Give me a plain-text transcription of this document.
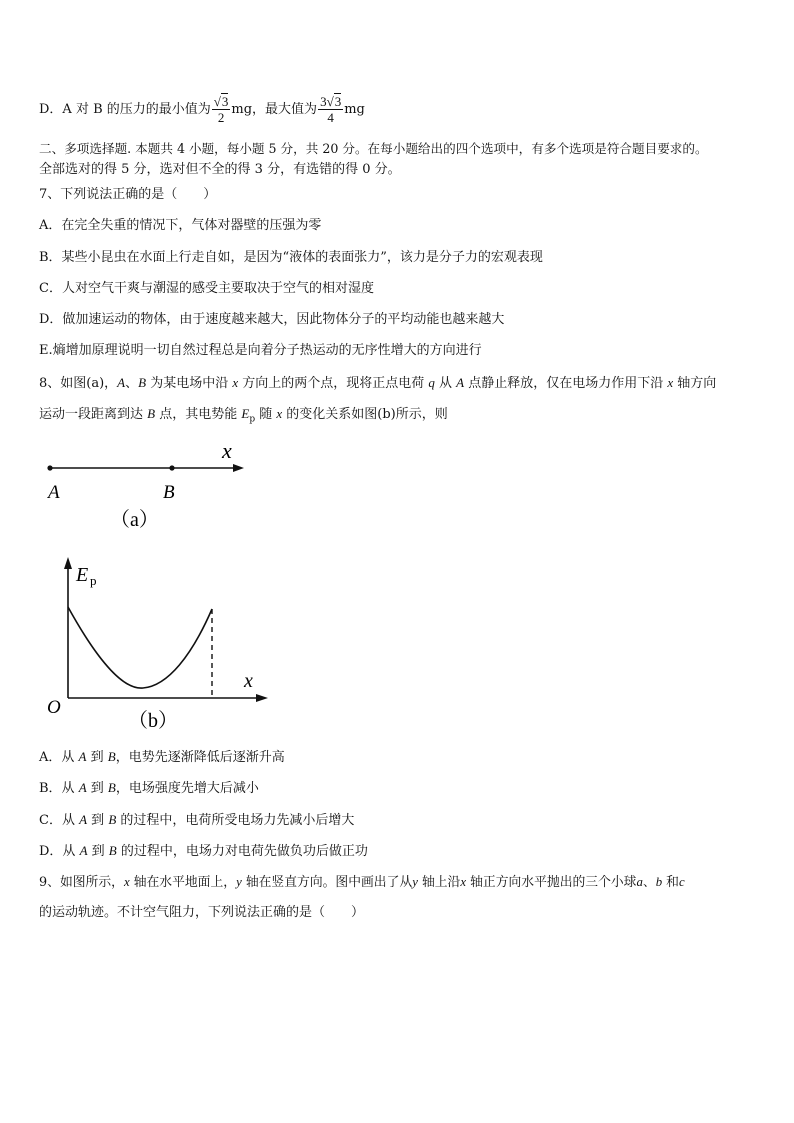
D．A 对 B 的压力的最小值为 $\frac{√3}{2}$ mg，最大值为 $\frac{3√3}{4}$ mg
二、多项选择题. 本题共 4 小题，每小题 5 分，共 20 分。在每小题给出的四个选项中，有多个选项是符合题目要求的。
全部选对的得 5 分，选对但不全的得 3 分，有选错的得 0 分。
7、下列说法正确的是（　　）
A．在完全失重的情况下，气体对器壁的压强为零
B．某些小昆虫在水面上行走自如，是因为“液体的表面张力”，该力是分子力的宏观表现
C．人对空气干爽与潮湿的感受主要取决于空气的相对湿度
D．做加速运动的物体，由于速度越来越大，因此物体分子的平均动能也越来越大
E.熵增加原理说明一切自然过程总是向着分子热运动的无序性增大的方向进行
8、如图(a)，A、B 为某电场中沿 x 方向上的两个点，现将正点电荷 q 从 A 点静止释放，仅在电场力作用下沿 x 轴方向
运动一段距离到达 B 点，其电势能 $E_p$ 随 x 的变化关系如图(b)所示，则
x
A	B
（a）
E p
x
O
（b）
A．从 A 到 B，电势先逐渐降低后逐渐升高
B．从 A 到 B，电场强度先增大后减小
C．从 A 到 B 的过程中，电荷所受电场力先减小后增大
D．从 A 到 B 的过程中，电场力对电荷先做负功后做正功
9、如图所示，x 轴在水平地面上，y 轴在竖直方向。图中画出了从y 轴上沿x 轴正方向水平抛出的三个小球a、b 和c
的运动轨迹。不计空气阻力，下列说法正确的是（　　）
